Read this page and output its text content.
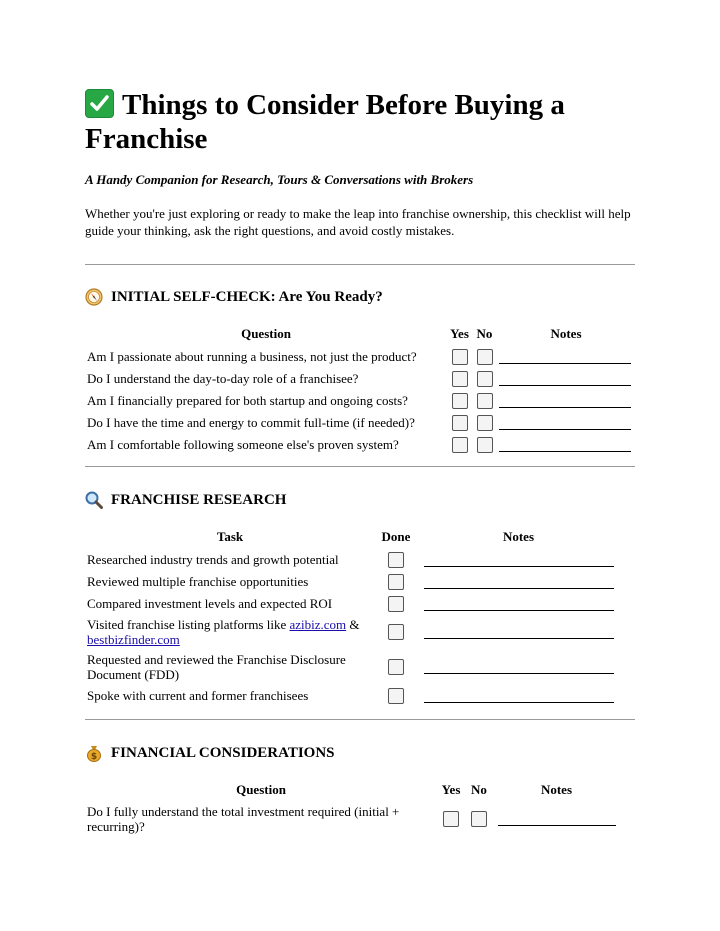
Things to Consider Before Buying a Franchise

A Handy Companion for Research, Tours & Conversations with Brokers

Whether you're just exploring or ready to make the leap into franchise ownership, this checklist will help guide your thinking, ask the right questions, and avoid costly mistakes.

INITIAL SELF-CHECK: Are You Ready?
Question	Yes	No	Notes
Am I passionate about running a business, not just the product?			
Do I understand the day-to-day role of a franchisee?			
Am I financially prepared for both startup and ongoing costs?			
Do I have the time and energy to commit full-time (if needed)?			
Am I comfortable following someone else's proven system?			
FRANCHISE RESEARCH
Task	Done	Notes
Researched industry trends and growth potential		
Reviewed multiple franchise opportunities		
Compared investment levels and expected ROI		
Visited franchise listing platforms like azibiz.com & bestbizfinder.com		
Requested and reviewed the Franchise Disclosure Document (FDD)		
Spoke with current and former franchisees		
$ FINANCIAL CONSIDERATIONS
Question	Yes	No	Notes
Do I fully understand the total investment required (initial + recurring)?			
